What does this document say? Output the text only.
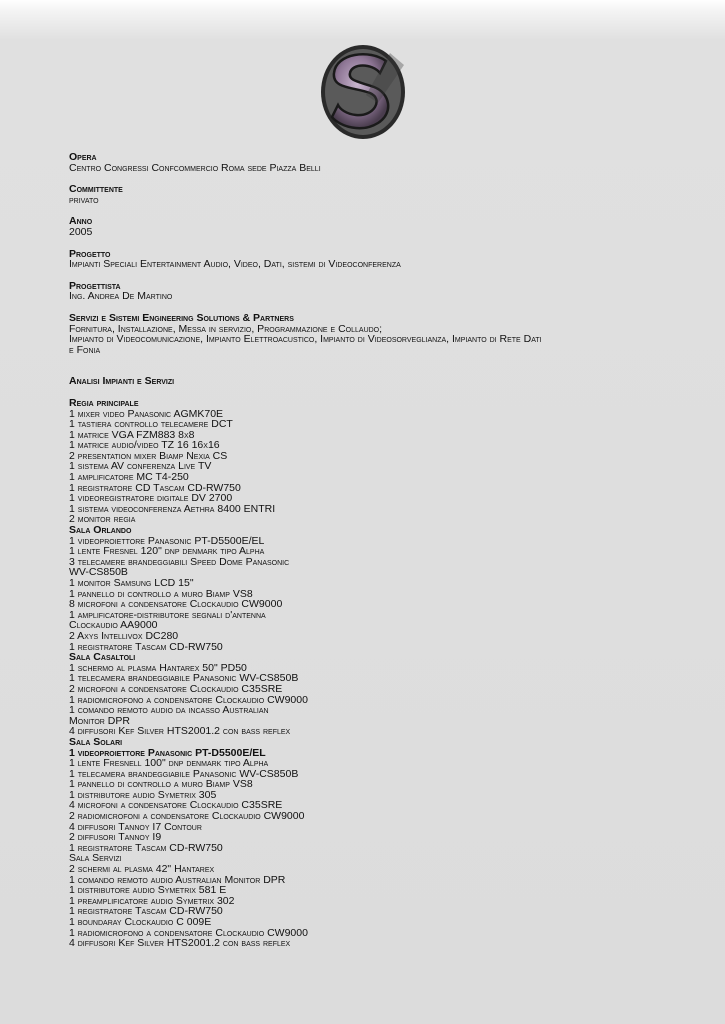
Opera
Centro Congressi Confcommercio Roma sede Piazza Belli
Committente
privato
Anno
2005
Progetto
Impianti Speciali Entertainment Audio, Video, Dati, sistemi di Videoconferenza
Progettista
Ing. Andrea De Martino
Servizi e Sistemi Engineering Solutions & Partners
Fornitura, Installazione, Messa in servizio, Programmazione e Collaudo;
Impianto di Videocomunicazione, Impianto Elettroacustico, Impianto di Videosorveglianza, Impianto di Rete Dati
e Fonia
Analisi Impianti e Servizi
Regia principale
1 mixer video Panasonic AGMK70E
1 tastiera controllo telecamere DCT
1 matrice VGA FZM883 8x8
1 matrice audio/video TZ 16 16x16
2 presentation mixer Biamp Nexia CS
1 sistema AV conferenza Live TV
1 amplificatore MC T4-250
1 registratore CD Tascam CD-RW750
1 videoregistratore digitale DV 2700
1 sistema videoconferenza Aethra 8400 ENTRI
2 monitor regia
Sala Orlando
1 videoproiettore Panasonic PT-D5500E/EL
1 lente Fresnel 120" dnp denmark tipo Alpha
3 telecamere brandeggiabili Speed Dome Panasonic
WV-CS850B
1 monitor Samsung LCD 15"
1 pannello di controllo a muro Biamp VS8
8 microfoni a condensatore Clockaudio CW9000
1 amplificatore-distributore segnali d'antenna
Clockaudio AA9000
2 Axys Intellivox DC280
1 registratore Tascam CD-RW750
Sala Casaltoli
1 schermo al plasma Hantarex 50" PD50
1 telecamera brandeggiabile Panasonic WV-CS850B
2 microfoni a condensatore Clockaudio C35SRE
1 radiomicrofono a condensatore Clockaudio CW9000
1 comando remoto audio da incasso Australian
Monitor DPR
4 diffusori Kef Silver HTS2001.2 con bass reflex
Sala Solari
1 videoproiettore Panasonic PT-D5500E/EL
1 lente Fresnell 100" dnp denmark tipo Alpha
1 telecamera brandeggiabile Panasonic WV-CS850B
1 pannello di controllo a muro Biamp VS8
1 distributore audio Symetrix 305
4 microfoni a condensatore Clockaudio C35SRE
2 radiomicrofoni a condensatore Clockaudio CW9000
4 diffusori Tannoy I7 Contour
2 diffusori Tannoy I9
1 registratore Tascam CD-RW750
Sala Servizi
2 schermi al plasma 42" Hantarex
1 comando remoto audio Australian Monitor DPR
1 distributore audio Symetrix 581 E
1 preamplificatore audio Symetrix 302
1 registratore Tascam CD-RW750
1 boundaray Clockaudio C 009E
1 radiomicrofono a condensatore Clockaudio CW9000
4 diffusori Kef Silver HTS2001.2 con bass reflex
